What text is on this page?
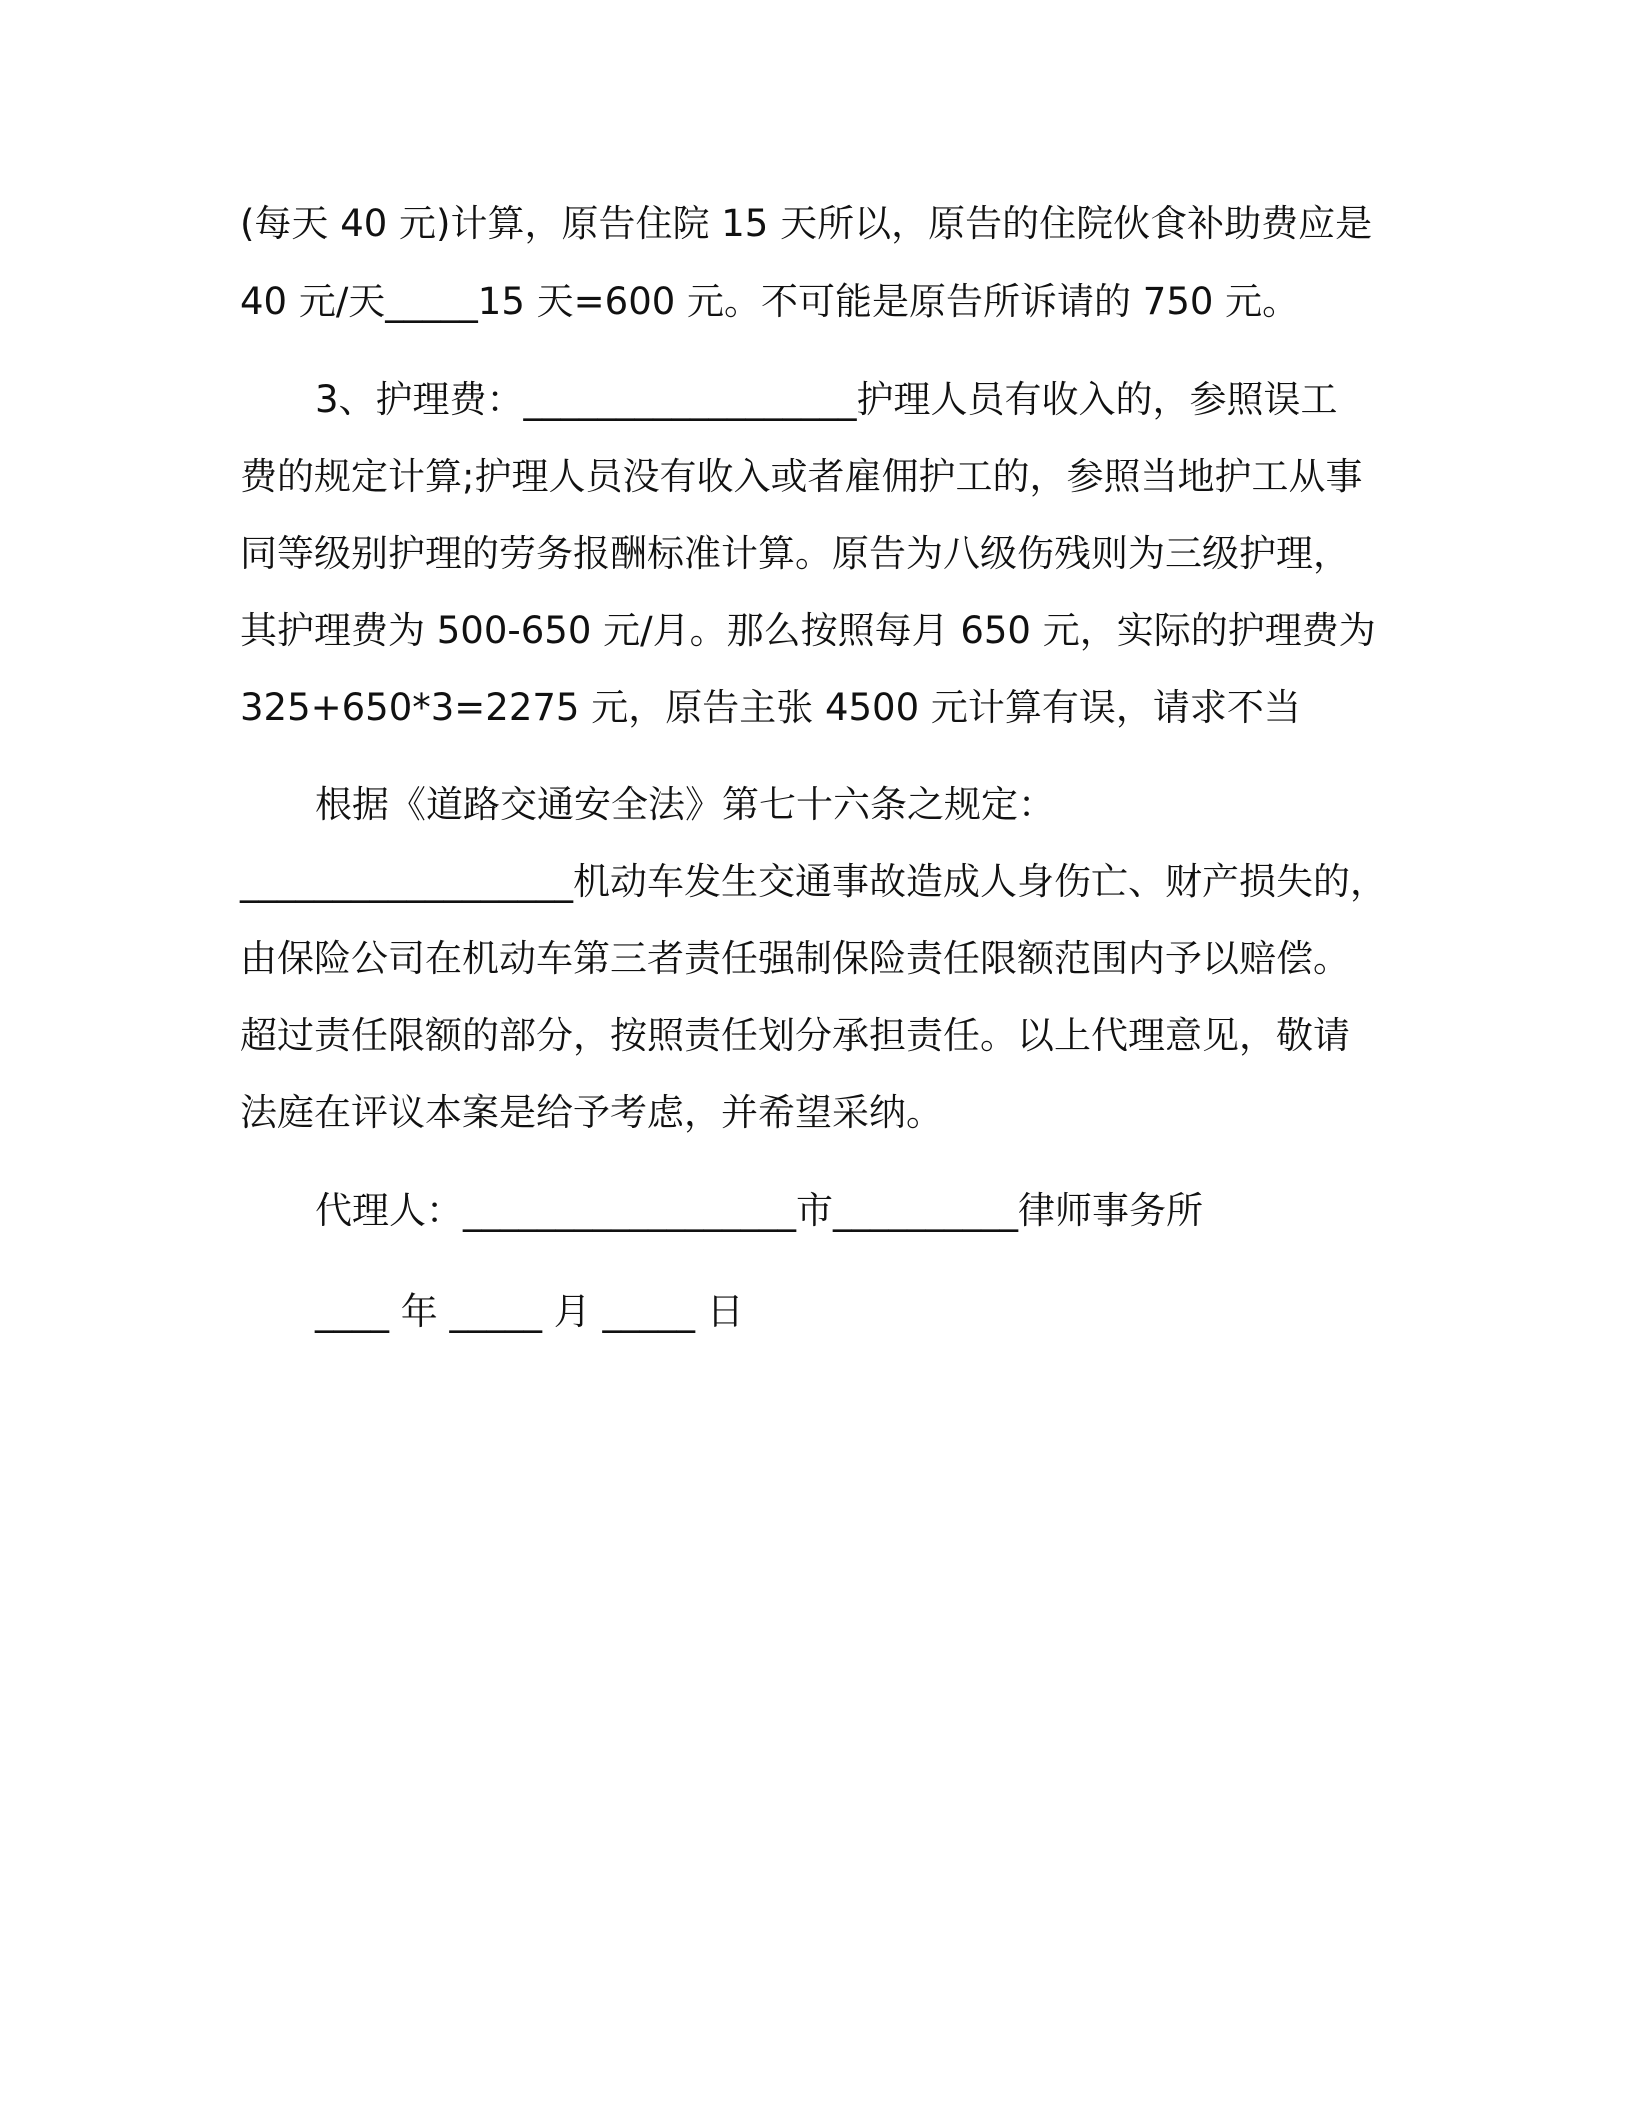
(每天 40 元)计算，原告住院 15 天所以，原告的住院伙食补助费应是
40 元/天_____15 天=600 元。不可能是原告所诉请的 750 元。
3、护理费：__________________护理人员有收入的，参照误工
费的规定计算;护理人员没有收入或者雇佣护工的，参照当地护工从事
同等级别护理的劳务报酬标准计算。原告为八级伤残则为三级护理，
其护理费为 500-650 元/月。那么按照每月 650 元，实际的护理费为
325+650*3=2275 元，原告主张 4500 元计算有误，请求不当
根据《道路交通安全法》第七十六条之规定：
__________________机动车发生交通事故造成人身伤亡、财产损失的，
由保险公司在机动车第三者责任强制保险责任限额范围内予以赔偿。
超过责任限额的部分，按照责任划分承担责任。以上代理意见，敬请
法庭在评议本案是给予考虑，并希望采纳。
代理人：__________________市__________律师事务所
____ 年 _____ 月 _____ 日
